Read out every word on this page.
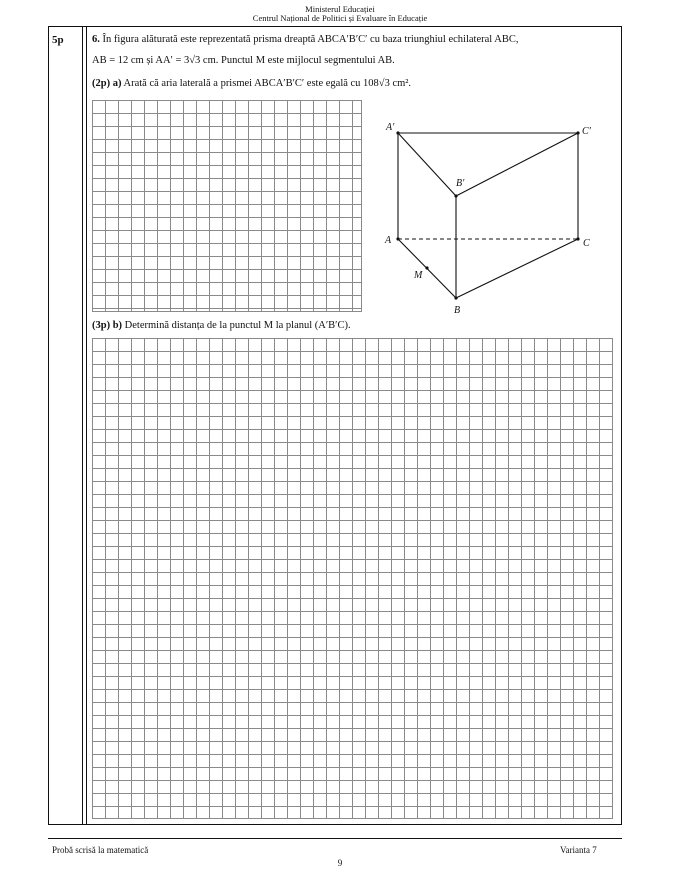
Ministerul Educației
Centrul Național de Politici și Evaluare în Educație
5p	6. În figura alăturată este reprezentată prisma dreaptă ABCA′B′C′ cu baza triunghiul echilateral ABC,
AB = 12 cm și AA′ = 3√3 cm. Punctul M este mijlocul segmentului AB.
(2p) a) Arată că aria laterală a prismei ABCA′B′C′ este egală cu 108√3 cm².
A′	C′
B′
A	C
M
B
(3p) b) Determină distanța de la punctul M la planul (A′B′C).
Probă scrisă la matematică	Varianta 7
9
